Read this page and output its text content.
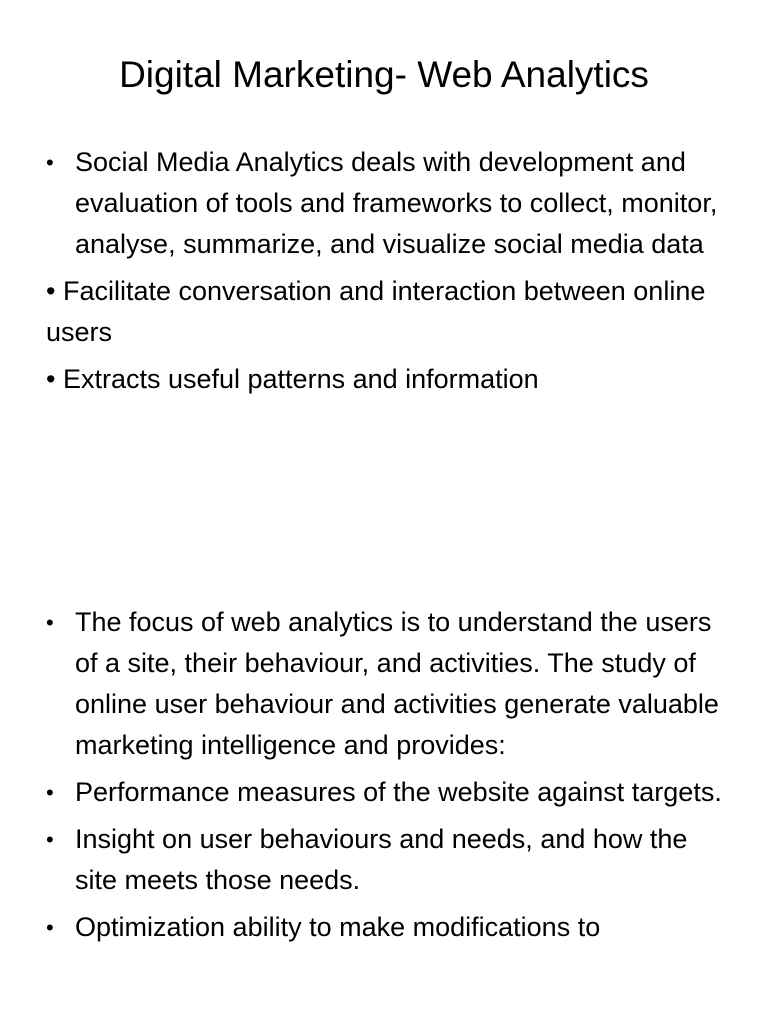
Digital Marketing- Web Analytics
• Social Media Analytics deals with development and evaluation of tools and frameworks to collect, monitor, analyse, summarize, and visualize social media data
• Facilitate conversation and interaction between online users
• Extracts useful patterns and information
• The focus of web analytics is to understand the users of a site, their behaviour, and activities. The study of online user behaviour and activities generate valuable marketing intelligence and provides:
• Performance measures of the website against targets.
• Insight on user behaviours and needs, and how the site meets those needs.
• Optimization ability to make modifications to
